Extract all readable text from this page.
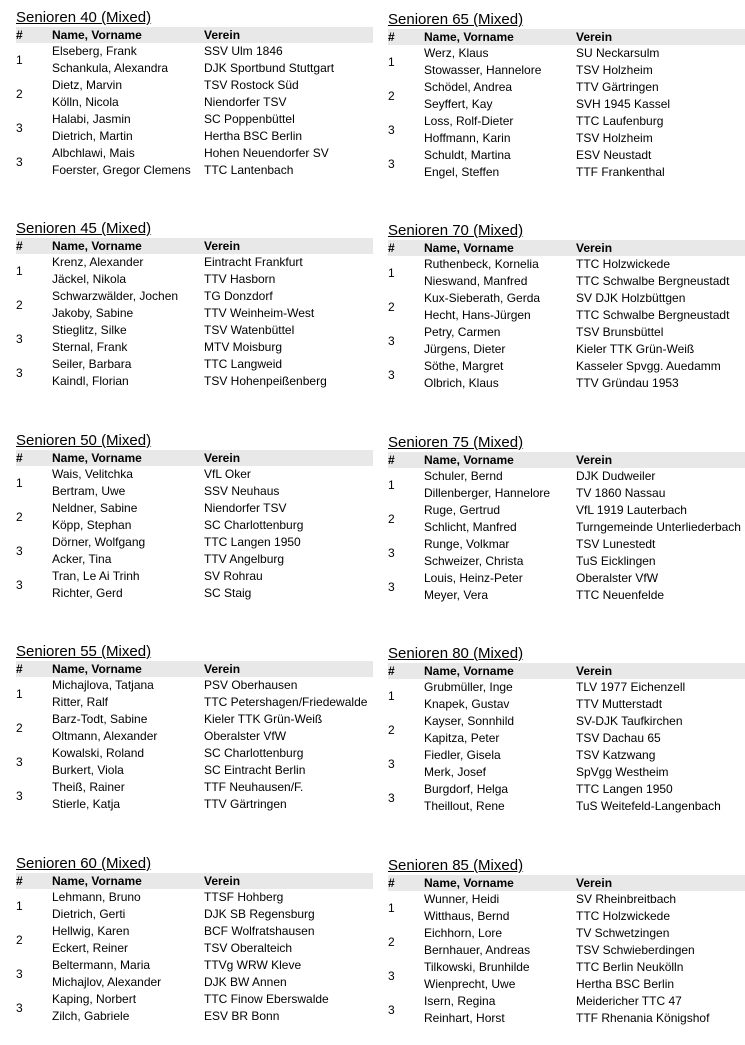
Senioren 40 (Mixed)
#	Name, Vorname	Verein
1	Elseberg, Frank	SSV Ulm 1846
	Schankula, Alexandra	DJK Sportbund Stuttgart
2	Dietz, Marvin	TSV Rostock Süd
	Kölln, Nicola	Niendorfer TSV
3	Halabi, Jasmin	SC Poppenbüttel
	Dietrich, Martin	Hertha BSC Berlin
3	Albchlawi, Mais	Hohen Neuendorfer SV
	Foerster, Gregor Clemens	TTC Lantenbach
Senioren 65 (Mixed)
#	Name, Vorname	Verein
1	Werz, Klaus	SU Neckarsulm
	Stowasser, Hannelore	TSV Holzheim
2	Schödel, Andrea	TTV Gärtringen
	Seyffert, Kay	SVH 1945 Kassel
3	Loss, Rolf-Dieter	TTC Laufenburg
	Hoffmann, Karin	TSV Holzheim
3	Schuldt, Martina	ESV Neustadt
	Engel, Steffen	TTF Frankenthal
Senioren 45 (Mixed)
#	Name, Vorname	Verein
1	Krenz, Alexander	Eintracht Frankfurt
	Jäckel, Nikola	TTV Hasborn
2	Schwarzwälder, Jochen	TG Donzdorf
	Jakoby, Sabine	TTV Weinheim-West
3	Stieglitz, Silke	TSV Watenbüttel
	Sternal, Frank	MTV Moisburg
3	Seiler, Barbara	TTC Langweid
	Kaindl, Florian	TSV Hohenpeißenberg
Senioren 70 (Mixed)
#	Name, Vorname	Verein
1	Ruthenbeck, Kornelia	TTC Holzwickede
	Nieswand, Manfred	TTC Schwalbe Bergneustadt
2	Kux-Sieberath, Gerda	SV DJK Holzbüttgen
	Hecht, Hans-Jürgen	TTC Schwalbe Bergneustadt
3	Petry, Carmen	TSV Brunsbüttel
	Jürgens, Dieter	Kieler TTK Grün-Weiß
3	Söthe, Margret	Kasseler Spvgg. Auedamm
	Olbrich, Klaus	TTV Gründau 1953
Senioren 50 (Mixed)
#	Name, Vorname	Verein
1	Wais, Velitchka	VfL Oker
	Bertram, Uwe	SSV Neuhaus
2	Neldner, Sabine	Niendorfer TSV
	Köpp, Stephan	SC Charlottenburg
3	Dörner, Wolfgang	TTC Langen 1950
	Acker, Tina	TTV Angelburg
3	Tran, Le Ai Trinh	SV Rohrau
	Richter, Gerd	SC Staig
Senioren 75 (Mixed)
#	Name, Vorname	Verein
1	Schuler, Bernd	DJK Dudweiler
	Dillenberger, Hannelore	TV 1860 Nassau
2	Ruge, Gertrud	VfL 1919 Lauterbach
	Schlicht, Manfred	Turngemeinde Unterliederbach
3	Runge, Volkmar	TSV Lunestedt
	Schweizer, Christa	TuS Eicklingen
3	Louis, Heinz-Peter	Oberalster VfW
	Meyer, Vera	TTC Neuenfelde
Senioren 55 (Mixed)
#	Name, Vorname	Verein
1	Michajlova, Tatjana	PSV Oberhausen
	Ritter, Ralf	TTC Petershagen/Friedewalde
2	Barz-Todt, Sabine	Kieler TTK Grün-Weiß
	Oltmann, Alexander	Oberalster VfW
3	Kowalski, Roland	SC Charlottenburg
	Burkert, Viola	SC Eintracht Berlin
3	Theiß, Rainer	TTF Neuhausen/F.
	Stierle, Katja	TTV Gärtringen
Senioren 80 (Mixed)
#	Name, Vorname	Verein
1	Grubmüller, Inge	TLV 1977 Eichenzell
	Knapek, Gustav	TTV Mutterstadt
2	Kayser, Sonnhild	SV-DJK Taufkirchen
	Kapitza, Peter	TSV Dachau 65
3	Fiedler, Gisela	TSV Katzwang
	Merk, Josef	SpVgg Westheim
3	Burgdorf, Helga	TTC Langen 1950
	Theillout, Rene	TuS Weitefeld-Langenbach
Senioren 60 (Mixed)
#	Name, Vorname	Verein
1	Lehmann, Bruno	TTSF Hohberg
	Dietrich, Gerti	DJK SB Regensburg
2	Hellwig, Karen	BCF Wolfratshausen
	Eckert, Reiner	TSV Oberalteich
3	Beltermann, Maria	TTVg WRW Kleve
	Michajlov, Alexander	DJK BW Annen
3	Kaping, Norbert	TTC Finow Eberswalde
	Zilch, Gabriele	ESV BR Bonn
Senioren 85 (Mixed)
#	Name, Vorname	Verein
1	Wunner, Heidi	SV Rheinbreitbach
	Witthaus, Bernd	TTC Holzwickede
2	Eichhorn, Lore	TV Schwetzingen
	Bernhauer, Andreas	TSV Schwieberdingen
3	Tilkowski, Brunhilde	TTC Berlin Neukölln
	Wienprecht, Uwe	Hertha BSC Berlin
3	Isern, Regina	Meidericher TTC 47
	Reinhart, Horst	TTF Rhenania Königshof
